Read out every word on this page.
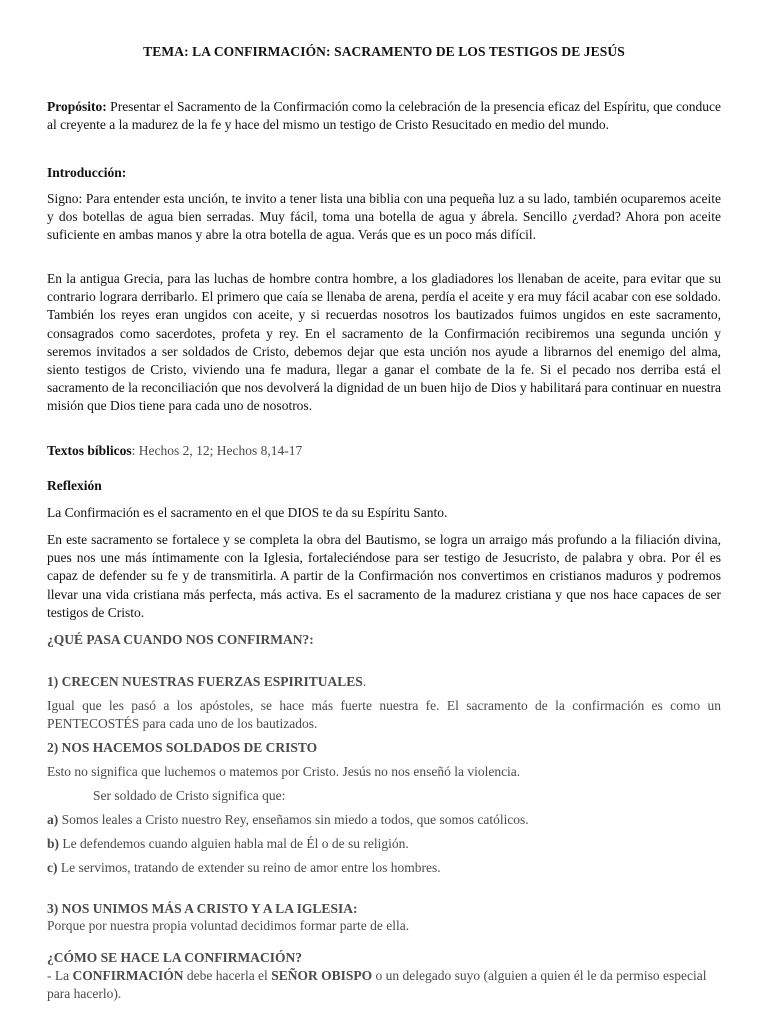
TEMA: LA CONFIRMACIÓN: SACRAMENTO DE LOS TESTIGOS DE JESÚS
Propósito: Presentar el Sacramento de la Confirmación como la celebración de la presencia eficaz del Espíritu, que conduce al creyente a la madurez de la fe y hace del mismo un testigo de Cristo Resucitado en medio del mundo.
Introducción:
Signo: Para entender esta unción, te invito a tener lista una biblia con una pequeña luz a su lado, también ocuparemos aceite y dos botellas de agua bien serradas. Muy fácil, toma una botella de agua y ábrela. Sencillo ¿verdad? Ahora pon aceite suficiente en ambas manos y abre la otra botella de agua. Verás que es un poco más difícil.
En la antigua Grecia, para las luchas de hombre contra hombre, a los gladiadores los llenaban de aceite, para evitar que su contrario lograra derribarlo. El primero que caía se llenaba de arena, perdía el aceite y era muy fácil acabar con ese soldado. También los reyes eran ungidos con aceite, y si recuerdas nosotros los bautizados fuimos ungidos en este sacramento, consagrados como sacerdotes, profeta y rey. En el sacramento de la Confirmación recibiremos una segunda unción y seremos invitados a ser soldados de Cristo, debemos dejar que esta unción nos ayude a librarnos del enemigo del alma, siento testigos de Cristo, viviendo una fe madura, llegar a ganar el combate de la fe. Si el pecado nos derriba está el sacramento de la reconciliación que nos devolverá la dignidad de un buen hijo de Dios y habilitará para continuar en nuestra misión que Dios tiene para cada uno de nosotros.
Textos bíblicos: Hechos 2, 12; Hechos 8,14-17
Reflexión
La Confirmación es el sacramento en el que DIOS te da su Espíritu Santo.
En este sacramento se fortalece y se completa la obra del Bautismo, se logra un arraigo más profundo a la filiación divina, pues nos une más íntimamente con la Iglesia, fortaleciéndose para ser testigo de Jesucristo, de palabra y obra. Por él es capaz de defender su fe y de transmitirla. A partir de la Confirmación nos convertimos en cristianos maduros y podremos llevar una vida cristiana más perfecta, más activa. Es el sacramento de la madurez cristiana y que nos hace capaces de ser testigos de Cristo.
¿QUÉ PASA CUANDO NOS CONFIRMAN?:
1) CRECEN NUESTRAS FUERZAS ESPIRITUALES.
Igual que les pasó a los apóstoles, se hace más fuerte nuestra fe. El sacramento de la confirmación es como un PENTECOSTÉS para cada uno de los bautizados.
2) NOS HACEMOS SOLDADOS DE CRISTO
Esto no significa que luchemos o matemos por Cristo. Jesús no nos enseñó la violencia.
Ser soldado de Cristo significa que:
a) Somos leales a Cristo nuestro Rey, enseñamos sin miedo a todos, que somos católicos.
b) Le defendemos cuando alguien habla mal de Él o de su religión.
c) Le servimos, tratando de extender su reino de amor entre los hombres.
3) NOS UNIMOS MÁS A CRISTO Y A LA IGLESIA:
Porque por nuestra propia voluntad decidimos formar parte de ella.
¿CÓMO SE HACE LA CONFIRMACIÓN?
- La CONFIRMACIÓN debe hacerla el SEÑOR OBISPO o un delegado suyo (alguien a quien él le da permiso especial para hacerlo).
